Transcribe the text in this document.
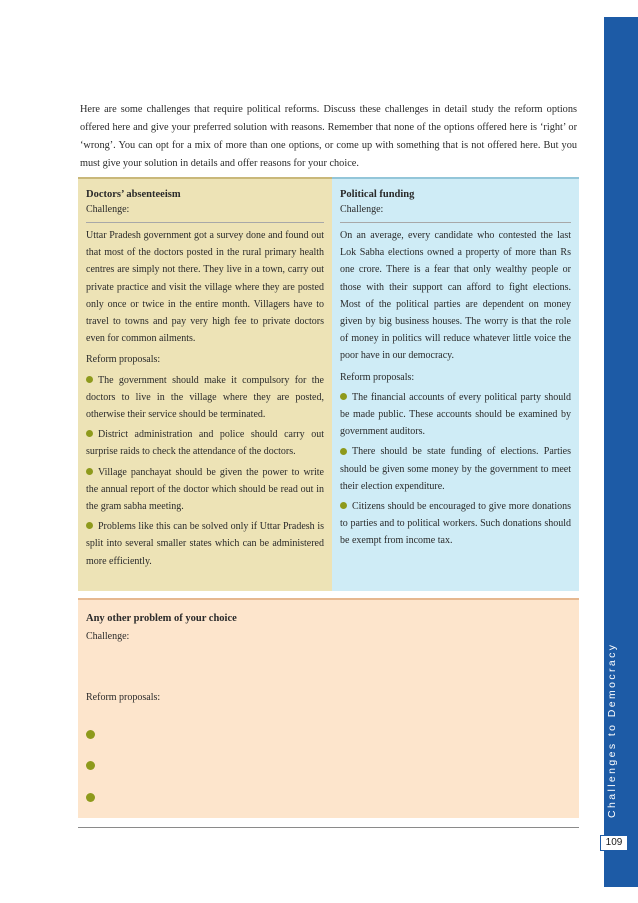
Challenges to Democracy
109

Here are some challenges that require political reforms. Discuss these challenges in detail study the reform options offered here and give your preferred solution with reasons. Remember that none of the options offered here is ‘right’ or ‘wrong’. You can opt for a mix of more than one options, or come up with something that is not offered here. But you must give your solution in details and offer reasons for your choice.

Doctors’ absenteeism
Challenge:

Uttar Pradesh government got a survey done and found out that most of the doctors posted in the rural primary health centres are simply not there. They live in a town, carry out private practice and visit the village where they are posted only once or twice in the entire month. Villagers have to travel to towns and pay very high fee to private doctors even for common ailments.

Reform proposals:

The government should make it compulsory for the doctors to live in the village where they are posted, otherwise their service should be terminated.

District administration and police should carry out surprise raids to check the attendance of the doctors.

Village panchayat should be given the power to write the annual report of the doctor which should be read out in the gram sabha meeting.

Problems like this can be solved only if Uttar Pradesh is split into several smaller states which can be administered more efficiently.

Political funding
Challenge:

On an average, every candidate who contested the last Lok Sabha elections owned a property of more than Rs one crore. There is a fear that only wealthy people or those with their support can afford to fight elections. Most of the political parties are dependent on money given by big business houses. The worry is that the role of money in politics will reduce whatever little voice the poor have in our democracy.

Reform proposals:

The financial accounts of every political party should be made public. These accounts should be examined by government auditors.

There should be state funding of elections. Parties should be given some money by the government to meet their election expenditure.

Citizens should be encouraged to give more donations to parties and to political workers. Such donations should be exempt from income tax.

Any other problem of your choice
Challenge:
Reform proposals:
